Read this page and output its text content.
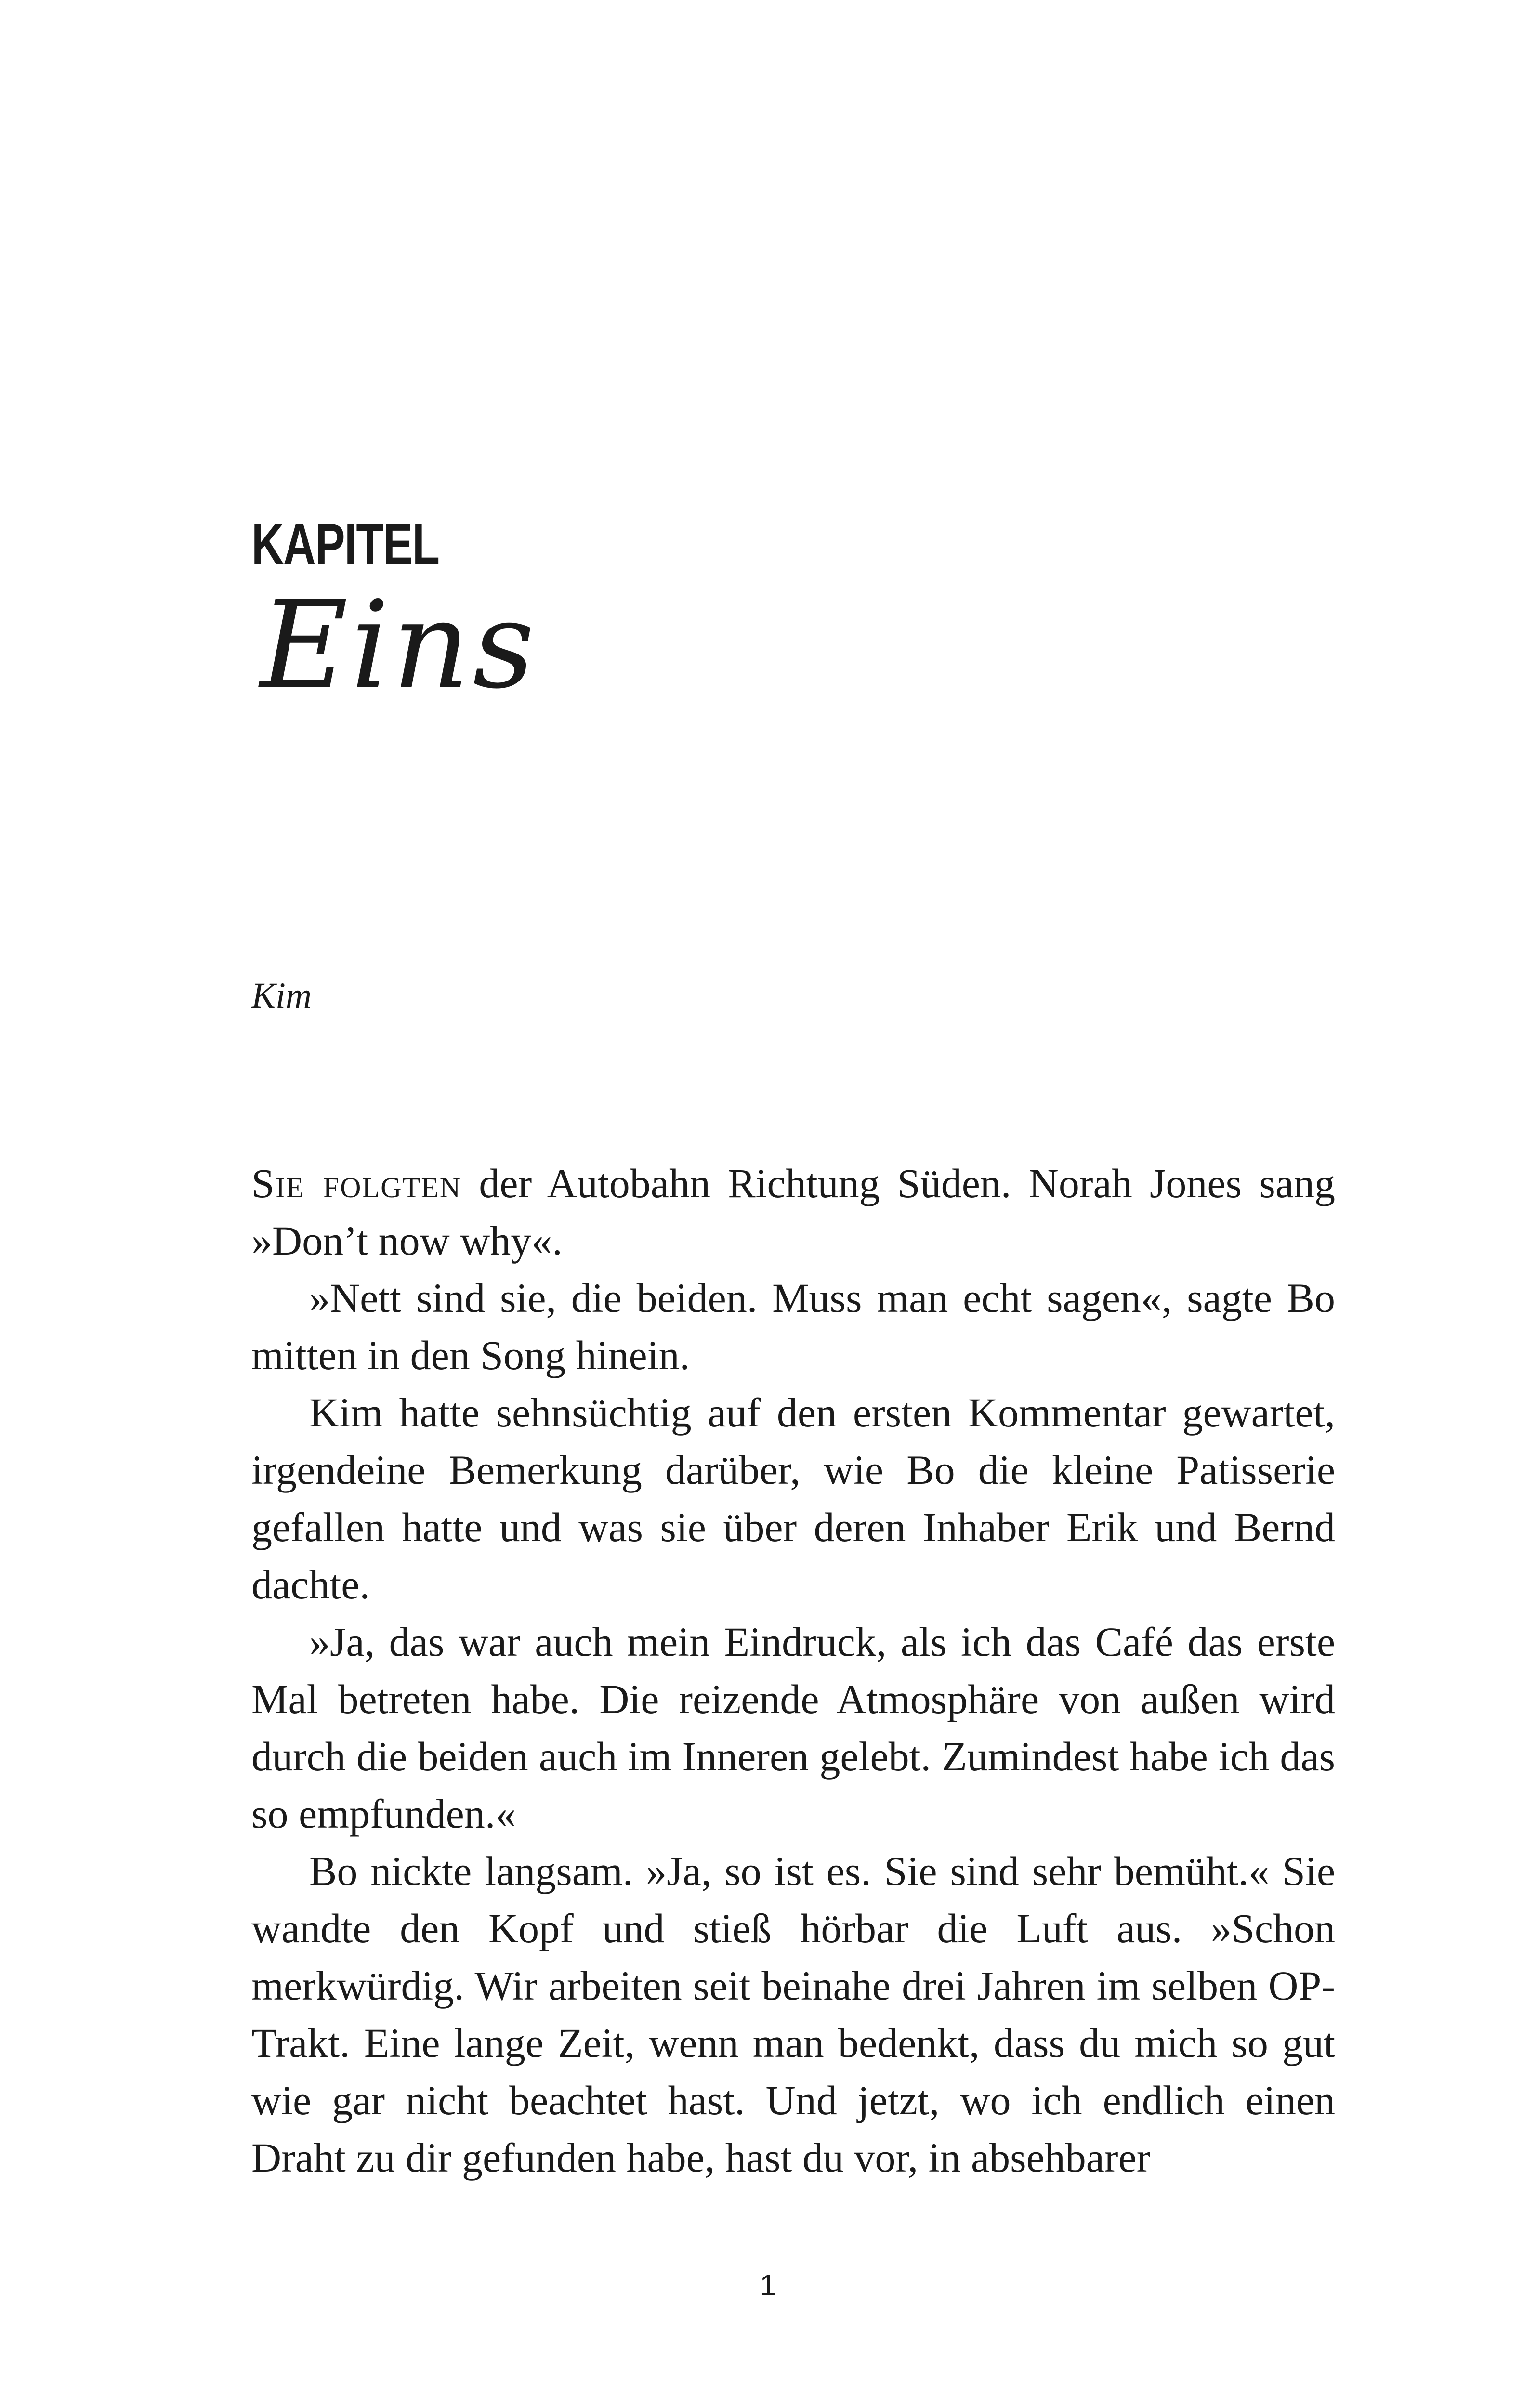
KAPITEL
Eins
Kim

Sie folgten der Autobahn Richtung Süden. Norah Jones sang »Don’t now why«.

»Nett sind sie, die beiden. Muss man echt sagen«, sagte Bo mitten in den Song hinein.

Kim hatte sehnsüchtig auf den ersten Kommentar gewartet, irgendeine Bemerkung darüber, wie Bo die kleine Patisserie gefallen hatte und was sie über deren Inhaber Erik und Bernd dachte.

»Ja, das war auch mein Eindruck, als ich das Café das erste Mal betreten habe. Die reizende Atmosphäre von außen wird durch die beiden auch im Inneren gelebt. Zumindest habe ich das so empfunden.«

Bo nickte langsam. »Ja, so ist es. Sie sind sehr bemüht.« Sie wandte den Kopf und stieß hörbar die Luft aus. »Schon merkwürdig. Wir arbeiten seit beinahe drei Jahren im selben OP-Trakt. Eine lange Zeit, wenn man bedenkt, dass du mich so gut wie gar nicht beachtet hast. Und jetzt, wo ich endlich einen Draht zu dir gefunden habe, hast du vor, in absehbarer

1
